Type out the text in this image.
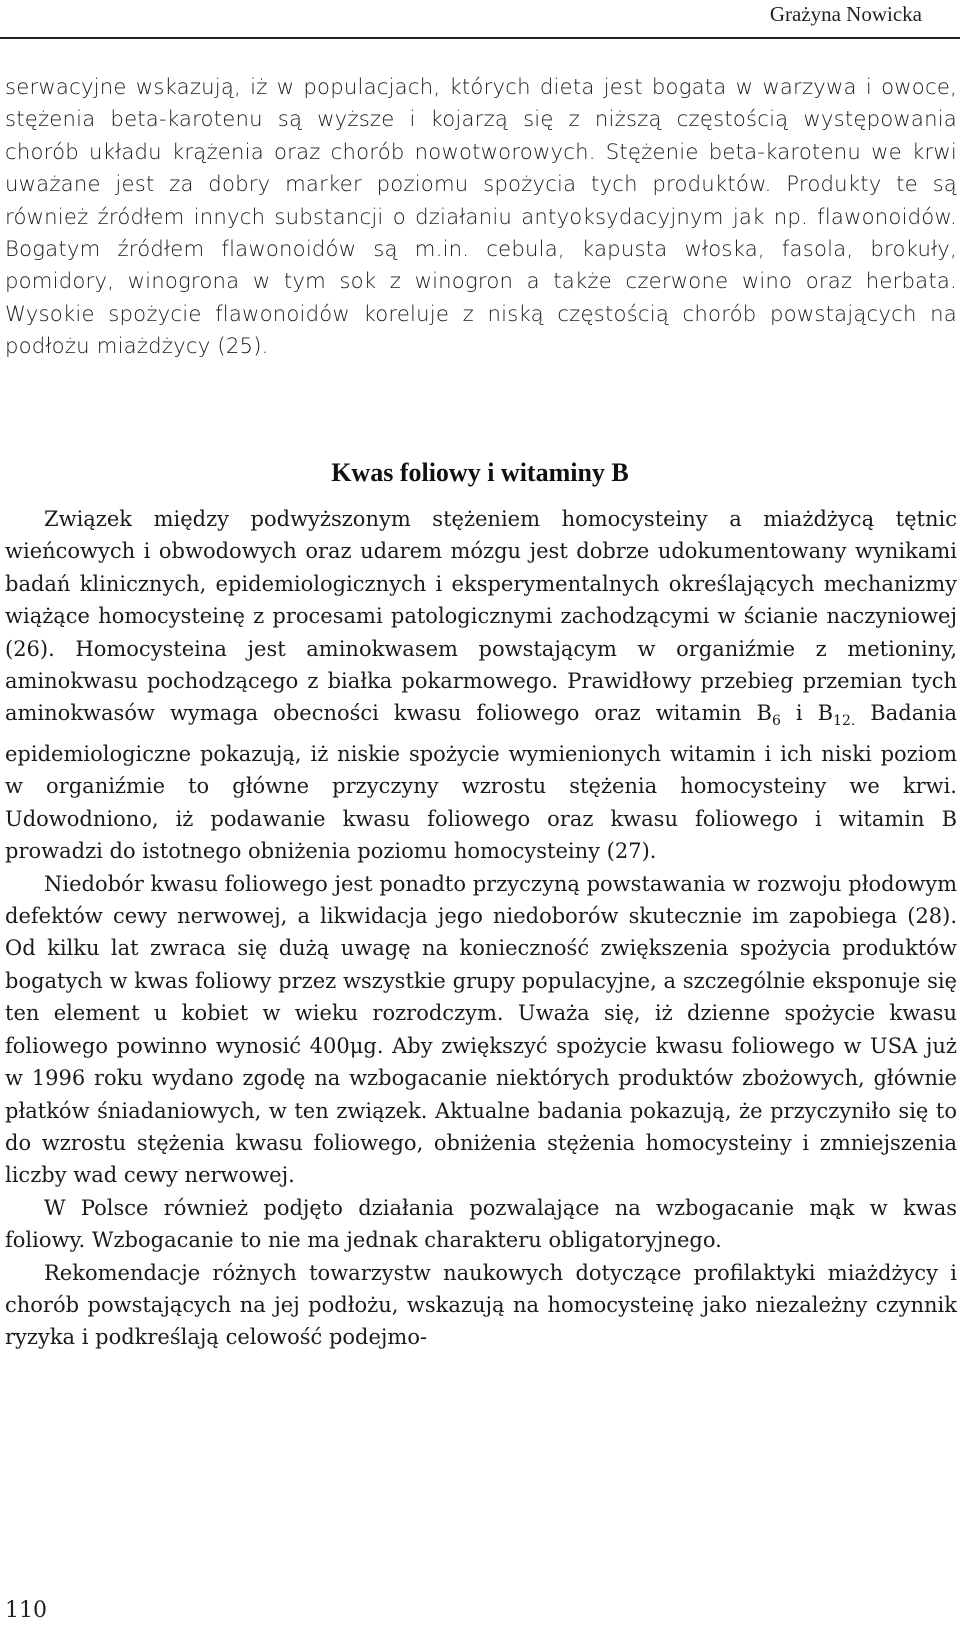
Grażyna Nowicka

serwacyjne wskazują, iż w populacjach, których dieta jest bogata w warzywa i owoce, stężenia beta-karotenu są wyższe i kojarzą się z niższą częstością występowania chorób układu krążenia oraz chorób nowotworowych. Stężenie beta-karotenu we krwi uważane jest za dobry marker poziomu spożycia tych produktów. Produkty te są również źródłem innych substancji o działaniu antyoksydacyjnym jak np. flawonoidów. Bogatym źródłem flawonoidów są m.in. cebula, kapusta włoska, fasola, brokuły, pomidory, winogrona w tym sok z winogron a także czerwone wino oraz herbata. Wysokie spożycie flawonoidów koreluje z niską częstością chorób powstających na podłożu miażdżycy (25).

Kwas foliowy i witaminy B

Związek między podwyższonym stężeniem homocysteiny a miażdżycą tętnic wieńcowych i obwodowych oraz udarem mózgu jest dobrze udokumentowany wynikami badań klinicznych, epidemiologicznych i eksperymentalnych określających mechanizmy wiążące homocysteinę z procesami patologicznymi zachodzącymi w ścianie naczyniowej (26). Homocysteina jest aminokwasem powstającym w organiźmie z metioniny, aminokwasu pochodzącego z białka pokarmowego. Prawidłowy przebieg przemian tych aminokwasów wymaga obecności kwasu foliowego oraz witamin $B_6$ i $B_{12.}$ Badania epidemiologiczne pokazują, iż niskie spożycie wymienionych witamin i ich niski poziom w organiźmie to główne przyczyny wzrostu stężenia homocysteiny we krwi. Udowodniono, iż podawanie kwasu foliowego oraz kwasu foliowego i witamin B prowadzi do istotnego obniżenia poziomu homocysteiny (27).

Niedobór kwasu foliowego jest ponadto przyczyną powstawania w rozwoju płodowym defektów cewy nerwowej, a likwidacja jego niedoborów skutecznie im zapobiega (28). Od kilku lat zwraca się dużą uwagę na konieczność zwiększenia spożycia produktów bogatych w kwas foliowy przez wszystkie grupy populacyjne, a szczególnie eksponuje się ten element u kobiet w wieku rozrodczym. Uważa się, iż dzienne spożycie kwasu foliowego powinno wynosić 400μg. Aby zwiększyć spożycie kwasu foliowego w USA już w 1996 roku wydano zgodę na wzbogacanie niektórych produktów zbożowych, głównie płatków śniadaniowych, w ten związek. Aktualne badania pokazują, że przyczyniło się to do wzrostu stężenia kwasu foliowego, obniżenia stężenia homocysteiny i zmniejszenia liczby wad cewy nerwowej.

W Polsce również podjęto działania pozwalające na wzbogacanie mąk w kwas foliowy. Wzbogacanie to nie ma jednak charakteru obligatoryjnego.

Rekomendacje różnych towarzystw naukowych dotyczące profilaktyki miażdżycy i chorób powstających na jej podłożu, wskazują na homocysteinę jako niezależny czynnik ryzyka i podkreślają celowość podejmo-

110
